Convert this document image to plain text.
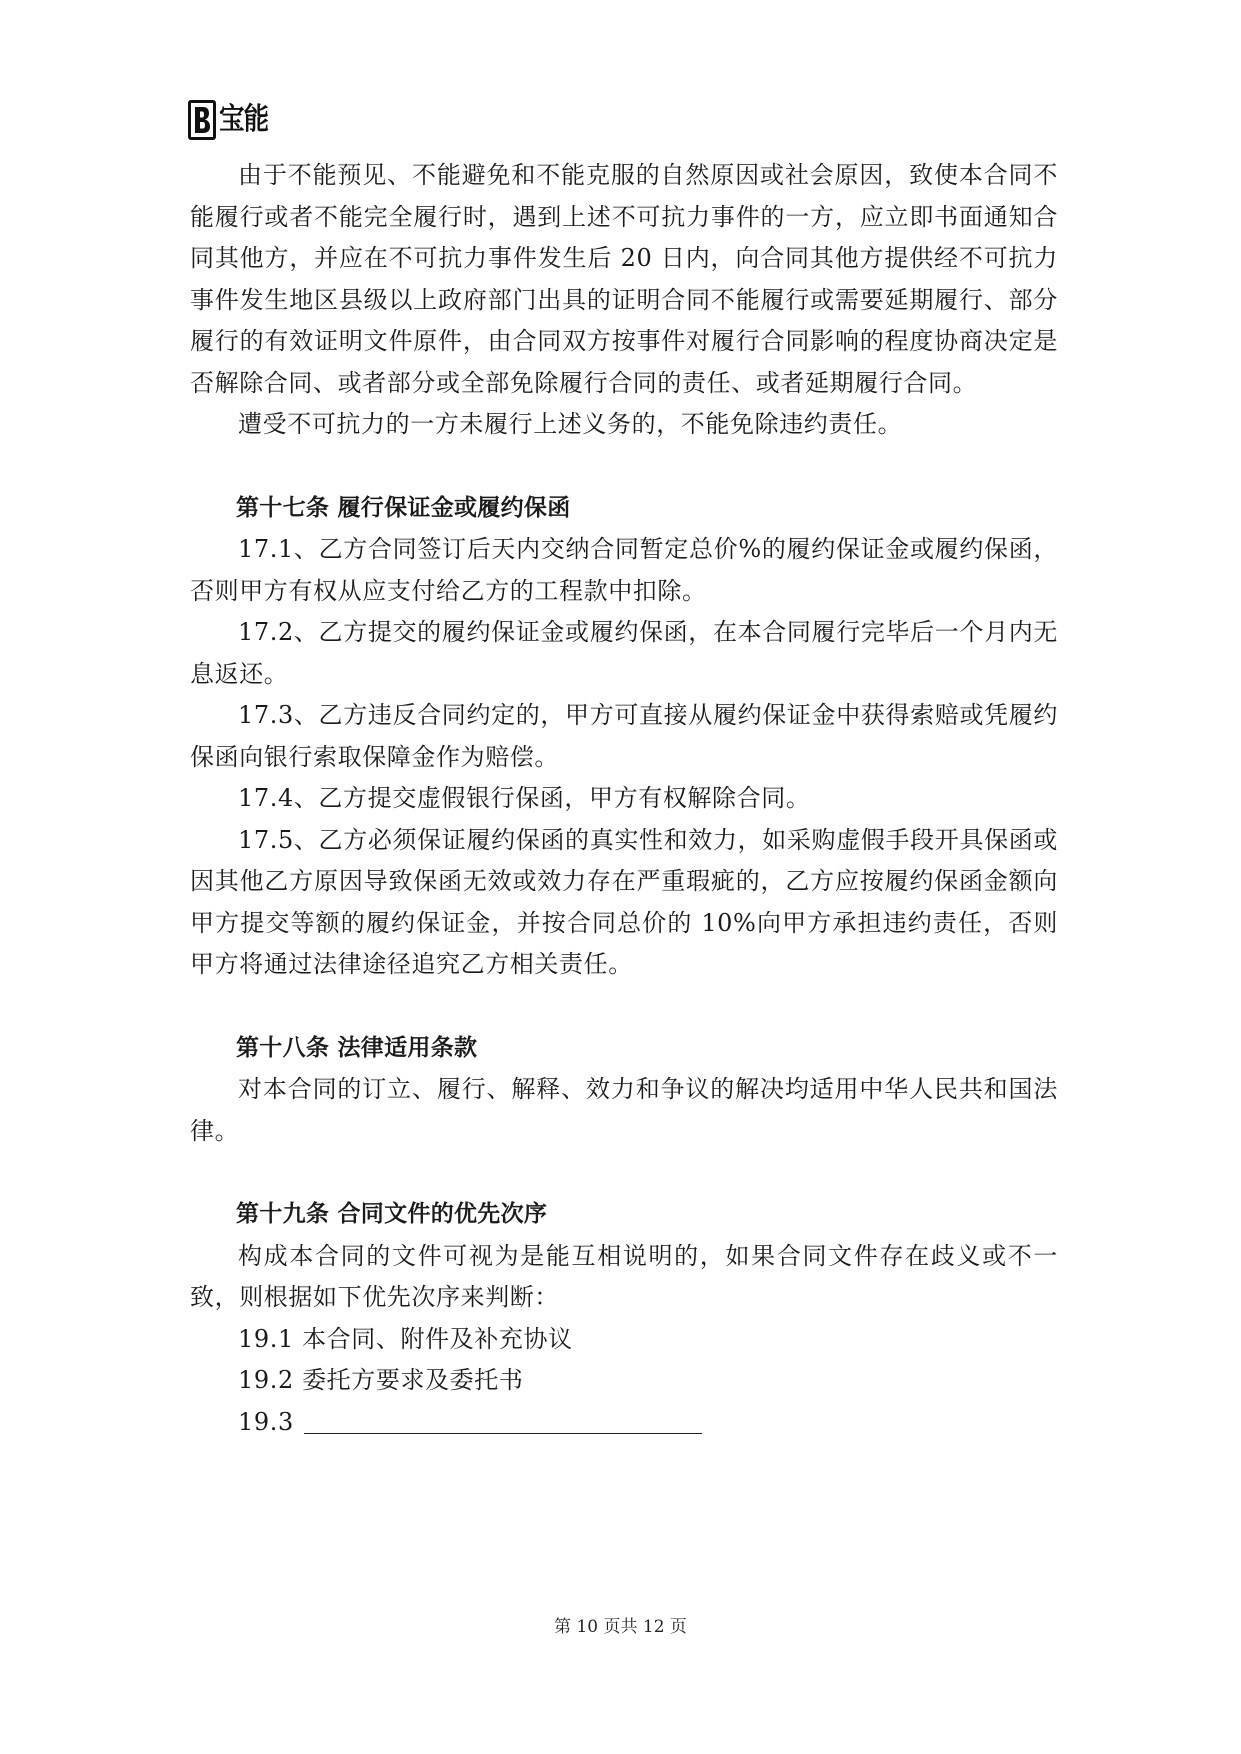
宝能

由于不能预见、不能避免和不能克服的自然原因或社会原因，致使本合同不能履行或者不能完全履行时，遇到上述不可抗力事件的一方，应立即书面通知合同其他方，并应在不可抗力事件发生后 20 日内，向合同其他方提供经不可抗力事件发生地区县级以上政府部门出具的证明合同不能履行或需要延期履行、部分履行的有效证明文件原件，由合同双方按事件对履行合同影响的程度协商决定是否解除合同、或者部分或全部免除履行合同的责任、或者延期履行合同。

遭受不可抗力的一方未履行上述义务的，不能免除违约责任。

第十七条 履行保证金或履约保函

17.1、乙方合同签订后天内交纳合同暂定总价%的履约保证金或履约保函，否则甲方有权从应支付给乙方的工程款中扣除。

17.2、乙方提交的履约保证金或履约保函，在本合同履行完毕后一个月内无息返还。

17.3、乙方违反合同约定的，甲方可直接从履约保证金中获得索赔或凭履约保函向银行索取保障金作为赔偿。

17.4、乙方提交虚假银行保函，甲方有权解除合同。

17.5、乙方必须保证履约保函的真实性和效力，如采购虚假手段开具保函或因其他乙方原因导致保函无效或效力存在严重瑕疵的，乙方应按履约保函金额向甲方提交等额的履约保证金，并按合同总价的 10%向甲方承担违约责任，否则甲方将通过法律途径追究乙方相关责任。

第十八条 法律适用条款

对本合同的订立、履行、解释、效力和争议的解决均适用中华人民共和国法律。

第十九条 合同文件的优先次序

构成本合同的文件可视为是能互相说明的，如果合同文件存在歧义或不一致，则根据如下优先次序来判断：

19.1 本合同、附件及补充协议

19.2 委托方要求及委托书

19.3

第 10 页共 12 页
